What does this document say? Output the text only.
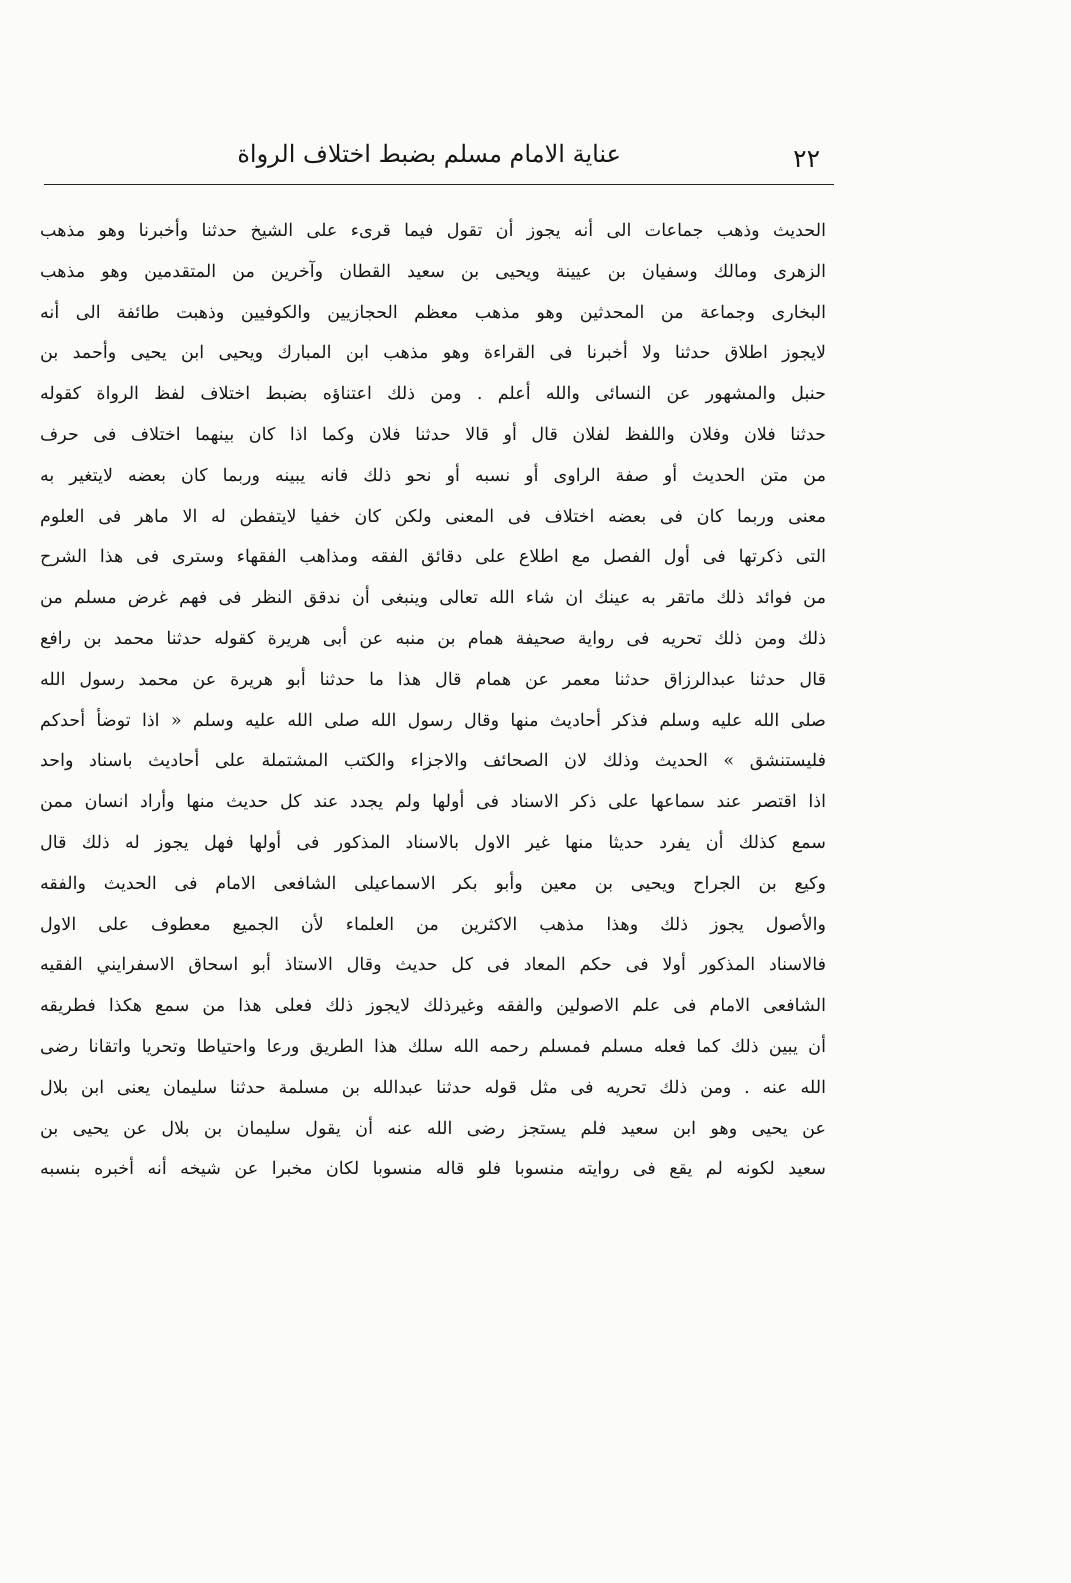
٢٢
عناية الامام مسلم بضبط اختلاف الرواة
الحديث وذهب جماعات الى أنه يجوز أن تقول فيما قرىء على الشيخ حدثنا وأخبرنا وهو مذهب
الزهرى ومالك وسفيان بن عيينة ويحيى بن سعيد القطان وآخرين من المتقدمين وهو مذهب
البخارى وجماعة من المحدثين وهو مذهب معظم الحجازيين والكوفيين وذهبت طائفة الى أنه
لايجوز اطلاق حدثنا ولا أخبرنا فى القراءة وهو مذهب ابن المبارك ويحيى ابن يحيى وأحمد بن
حنبل والمشهور عن النسائى والله أعلم . ومن ذلك اعتناؤه بضبط اختلاف لفظ الرواة كقوله
حدثنا فلان وفلان واللفظ لفلان قال أو قالا حدثنا فلان وكما اذا كان بينهما اختلاف فى حرف
من متن الحديث أو صفة الراوى أو نسبه أو نحو ذلك فانه يبينه وربما كان بعضه لايتغير به
معنى وربما كان فى بعضه اختلاف فى المعنى ولكن كان خفيا لايتفطن له الا ماهر فى العلوم
التى ذكرتها فى أول الفصل مع اطلاع على دقائق الفقه ومذاهب الفقهاء وسترى فى هذا الشرح
من فوائد ذلك ماتقر به عينك ان شاء الله تعالى وينبغى أن ندقق النظر فى فهم غرض مسلم من
ذلك ومن ذلك تحريه فى رواية صحيفة همام بن منبه عن أبى هريرة كقوله حدثنا محمد بن رافع
قال حدثنا عبدالرزاق حدثنا معمر عن همام قال هذا ما حدثنا أبو هريرة عن محمد رسول الله
صلى الله عليه وسلم فذكر أحاديث منها وقال رسول الله صلى الله عليه وسلم « اذا توضأ أحدكم
فليستنشق » الحديث وذلك لان الصحائف والاجزاء والكتب المشتملة على أحاديث باسناد واحد
اذا اقتصر عند سماعها على ذكر الاسناد فى أولها ولم يجدد عند كل حديث منها وأراد انسان ممن
سمع كذلك أن يفرد حديثا منها غير الاول بالاسناد المذكور فى أولها فهل يجوز له ذلك قال
وكيع بن الجراح ويحيى بن معين وأبو بكر الاسماعيلى الشافعى الامام فى الحديث والفقه
والأصول يجوز ذلك وهذا مذهب الاكثرين من العلماء لأن الجميع معطوف على الاول
فالاسناد المذكور أولا فى حكم المعاد فى كل حديث وقال الاستاذ أبو اسحاق الاسفرايني الفقيه
الشافعى الامام فى علم الاصولين والفقه وغيرذلك لايجوز ذلك فعلى هذا من سمع هكذا فطريقه
أن يبين ذلك كما فعله مسلم فمسلم رحمه الله سلك هذا الطريق ورعا واحتياطا وتحريا واتقانا رضى
الله عنه . ومن ذلك تحريه فى مثل قوله حدثنا عبدالله بن مسلمة حدثنا سليمان يعنى ابن بلال
عن يحيى وهو ابن سعيد فلم يستجز رضى الله عنه أن يقول سليمان بن بلال عن يحيى بن
سعيد لكونه لم يقع فى روايته منسوبا فلو قاله منسوبا لكان مخبرا عن شيخه أنه أخبره بنسبه
